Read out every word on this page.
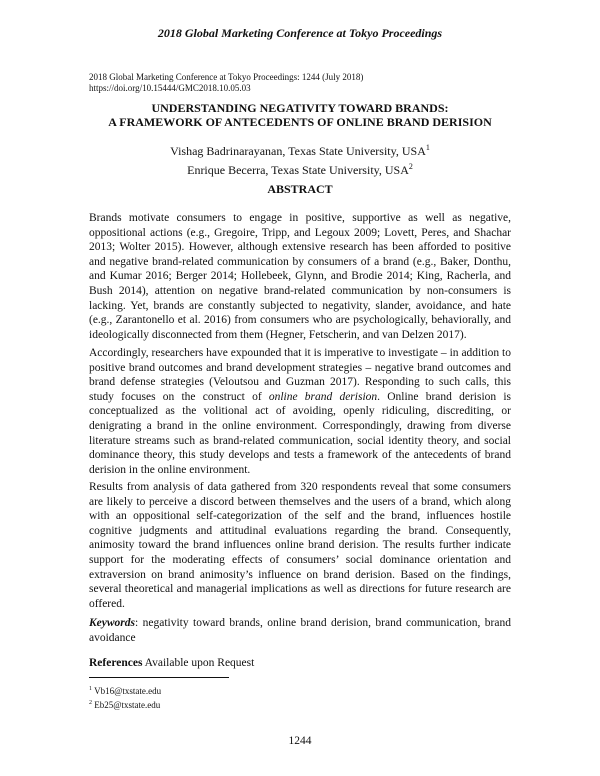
2018 Global Marketing Conference at Tokyo Proceedings
2018 Global Marketing Conference at Tokyo Proceedings: 1244 (July 2018)
https://doi.org/10.15444/GMC2018.10.05.03
UNDERSTANDING NEGATIVITY TOWARD BRANDS:
A FRAMEWORK OF ANTECEDENTS OF ONLINE BRAND DERISION
Vishag Badrinarayanan, Texas State University, USA$^1$
Enrique Becerra, Texas State University, USA$^2$
ABSTRACT

Brands motivate consumers to engage in positive, supportive as well as negative, oppositional actions (e.g., Gregoire, Tripp, and Legoux 2009; Lovett, Peres, and Shachar 2013; Wolter 2015). However, although extensive research has been afforded to positive and negative brand-related communication by consumers of a brand (e.g., Baker, Donthu, and Kumar 2016; Berger 2014; Hollebeek, Glynn, and Brodie 2014; King, Racherla, and Bush 2014), attention on negative brand-related communication by non-consumers is lacking. Yet, brands are constantly subjected to negativity, slander, avoidance, and hate (e.g., Zarantonello et al. 2016) from consumers who are psychologically, behaviorally, and ideologically disconnected from them (Hegner, Fetscherin, and van Delzen 2017).

Accordingly, researchers have expounded that it is imperative to investigate – in addition to positive brand outcomes and brand development strategies – negative brand outcomes and brand defense strategies (Veloutsou and Guzman 2017). Responding to such calls, this study focuses on the construct of online brand derision. Online brand derision is conceptualized as the volitional act of avoiding, openly ridiculing, discrediting, or denigrating a brand in the online environment. Correspondingly, drawing from diverse literature streams such as brand-related communication, social identity theory, and social dominance theory, this study develops and tests a framework of the antecedents of brand derision in the online environment.

Results from analysis of data gathered from 320 respondents reveal that some consumers are likely to perceive a discord between themselves and the users of a brand, which along with an oppositional self-categorization of the self and the brand, influences hostile cognitive judgments and attitudinal evaluations regarding the brand. Consequently, animosity toward the brand influences online brand derision. The results further indicate support for the moderating effects of consumers’ social dominance orientation and extraversion on brand animosity’s influence on brand derision. Based on the findings, several theoretical and managerial implications as well as directions for future research are offered.

Keywords: negativity toward brands, online brand derision, brand communication, brand avoidance

References Available upon Request

$^1$ Vb16@txstate.edu
$^2$ Eb25@txstate.edu
1244
